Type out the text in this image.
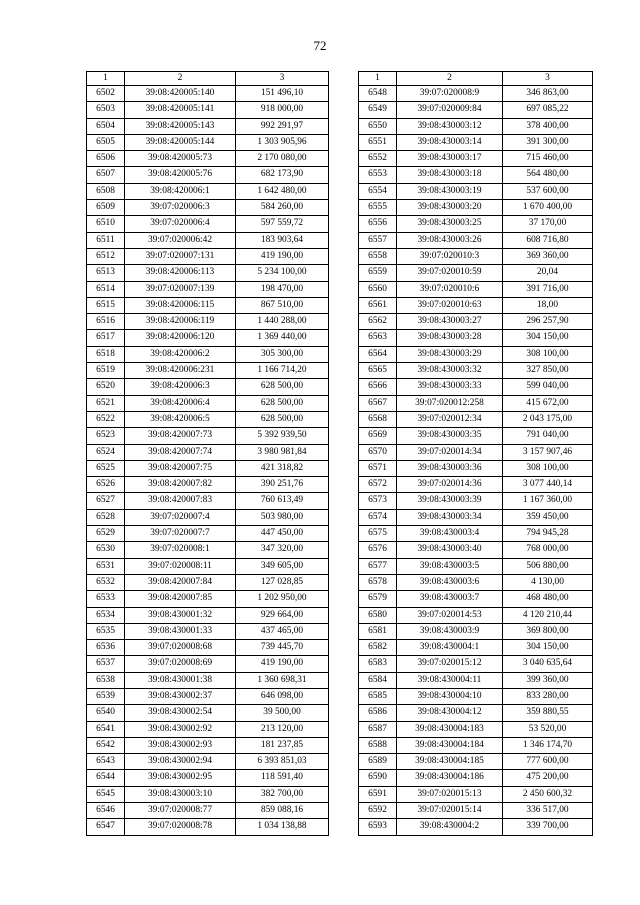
72
1	2	3
6502	39:08:420005:140	151 496,10
6503	39:08:420005:141	918 000,00
6504	39:08:420005:143	992 291,97
6505	39:08:420005:144	1 303 905,96
6506	39:08:420005:73	2 170 080,00
6507	39:08:420005:76	682 173,90
6508	39:08:420006:1	1 642 480,00
6509	39:07:020006:3	584 260,00
6510	39:07:020006:4	597 559,72
6511	39:07:020006:42	183 903,64
6512	39:07:020007:131	419 190,00
6513	39:08:420006:113	5 234 100,00
6514	39:07:020007:139	198 470,00
6515	39:08:420006:115	867 510,00
6516	39:08:420006:119	1 440 288,00
6517	39:08:420006:120	1 369 440,00
6518	39:08:420006:2	305 300,00
6519	39:08:420006:231	1 166 714,20
6520	39:08:420006:3	628 500,00
6521	39:08:420006:4	628 500,00
6522	39:08:420006:5	628 500,00
6523	39:08:420007:73	5 392 939,50
6524	39:08:420007:74	3 980 981,84
6525	39:08:420007:75	421 318,82
6526	39:08:420007:82	390 251,76
6527	39:08:420007:83	760 613,49
6528	39:07:020007:4	503 980,00
6529	39:07:020007:7	447 450,00
6530	39:07:020008:1	347 320,00
6531	39:07:020008:11	349 605,00
6532	39:08:420007:84	127 028,85
6533	39:08:420007:85	1 202 950,00
6534	39:08:430001:32	929 664,00
6535	39:08:430001:33	437 465,00
6536	39:07:020008:68	739 445,70
6537	39:07:020008:69	419 190,00
6538	39:08:430001:38	1 360 698,31
6539	39:08:430002:37	646 098,00
6540	39:08:430002:54	39 500,00
6541	39:08:430002:92	213 120,00
6542	39:08:430002:93	181 237,85
6543	39:08:430002:94	6 393 851,03
6544	39:08:430002:95	118 591,40
6545	39:08:430003:10	382 700,00
6546	39:07:020008:77	859 088,16
6547	39:07:020008:78	1 034 138,88
1	2	3
6548	39:07:020008:9	346 863,00
6549	39:07:020009:84	697 085,22
6550	39:08:430003:12	378 400,00
6551	39:08:430003:14	391 300,00
6552	39:08:430003:17	715 460,00
6553	39:08:430003:18	564 480,00
6554	39:08:430003:19	537 600,00
6555	39:08:430003:20	1 670 400,00
6556	39:08:430003:25	37 170,00
6557	39:08:430003:26	608 716,80
6558	39:07:020010:3	369 360,00
6559	39:07:020010:59	20,04
6560	39:07:020010:6	391 716,00
6561	39:07:020010:63	18,00
6562	39:08:430003:27	296 257,90
6563	39:08:430003:28	304 150,00
6564	39:08:430003:29	308 100,00
6565	39:08:430003:32	327 850,00
6566	39:08:430003:33	599 040,00
6567	39:07:020012:258	415 672,00
6568	39:07:020012:34	2 043 175,00
6569	39:08:430003:35	791 040,00
6570	39:07:020014:34	3 157 907,46
6571	39:08:430003:36	308 100,00
6572	39:07:020014:36	3 077 440,14
6573	39:08:430003:39	1 167 360,00
6574	39:08:430003:34	359 450,00
6575	39:08:430003:4	794 945,28
6576	39:08:430003:40	768 000,00
6577	39:08:430003:5	506 880,00
6578	39:08:430003:6	4 130,00
6579	39:08:430003:7	468 480,00
6580	39:07:020014:53	4 120 210,44
6581	39:08:430003:9	369 800,00
6582	39:08:430004:1	304 150,00
6583	39:07:020015:12	3 040 635,64
6584	39:08:430004:11	399 360,00
6585	39:08:430004:10	833 280,00
6586	39:08:430004:12	359 880,55
6587	39:08:430004:183	53 520,00
6588	39:08:430004:184	1 346 174,70
6589	39:08:430004:185	777 600,00
6590	39:08:430004:186	475 200,00
6591	39:07:020015:13	2 450 600,32
6592	39:07:020015:14	336 517,00
6593	39:08:430004:2	339 700,00
